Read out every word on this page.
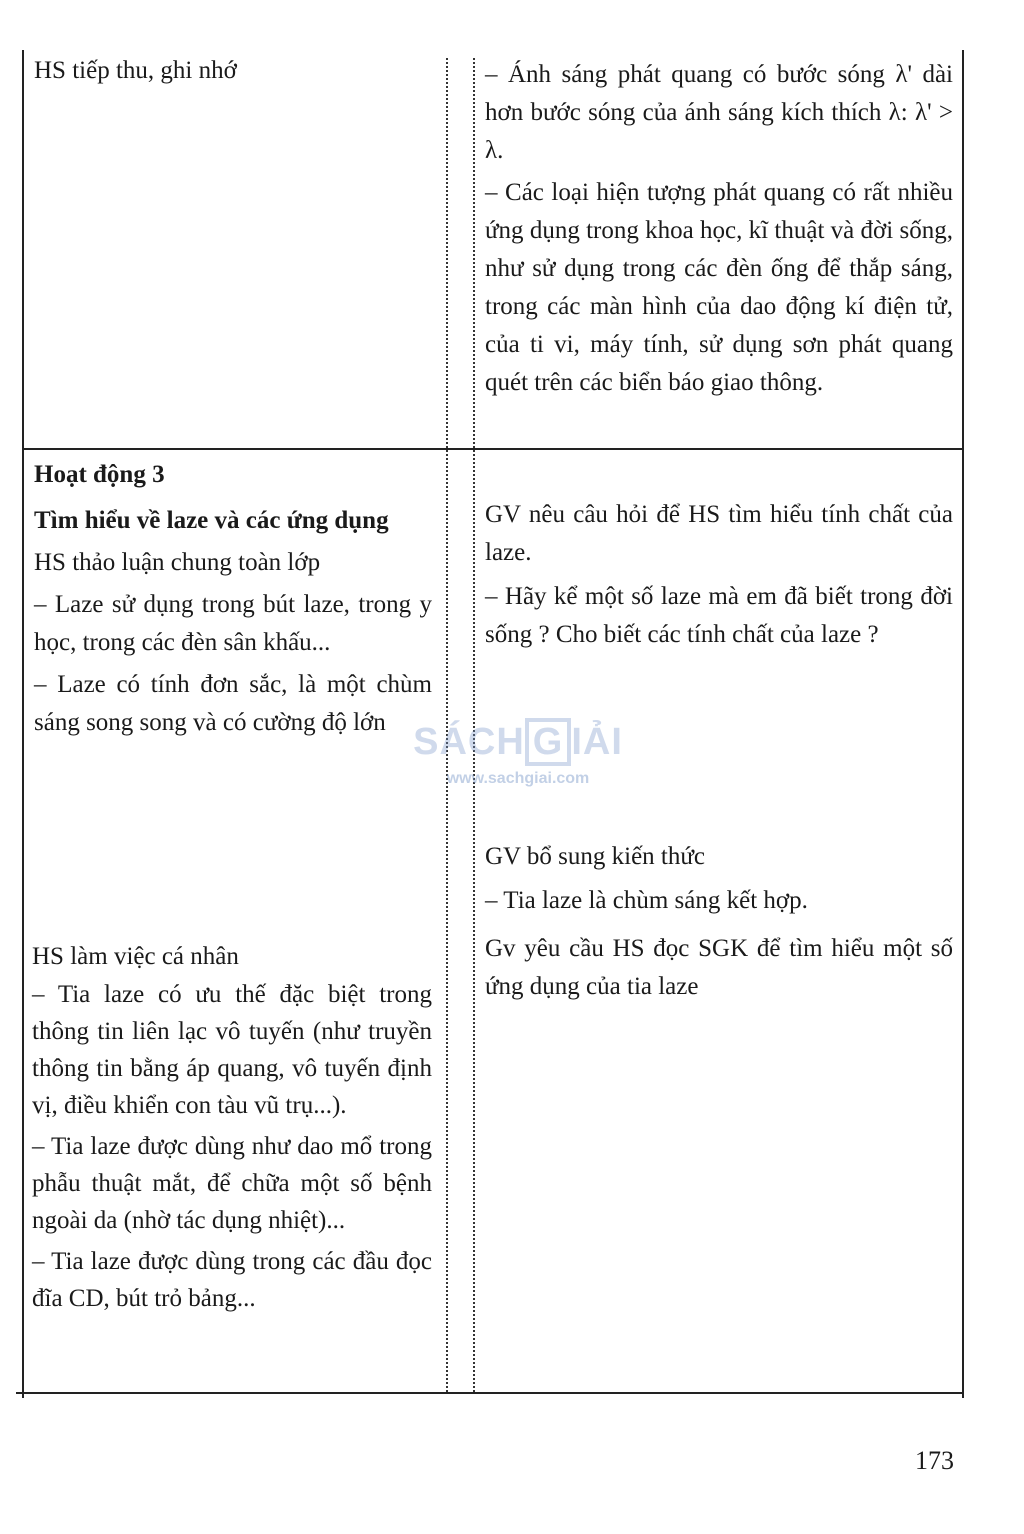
HS tiếp thu, ghi nhớ	– Ánh sáng phát quang có bước sóng λ' dài hơn bước sóng của ánh sáng kích thích λ: λ' > λ.

– Các loại hiện tượng phát quang có rất nhiều ứng dụng trong khoa học, kĩ thuật và đời sống, như sử dụng trong các đèn ống để thắp sáng, trong các màn hình của dao động kí điện tử, của ti vi, máy tính, sử dụng sơn phát quang quét trên các biển báo giao thông.

Hoạt động 3

Tìm hiểu về laze và các ứng dụng

HS thảo luận chung toàn lớp

– Laze sử dụng trong bút laze, trong y học, trong các đèn sân khấu...

– Laze có tính đơn sắc, là một chùm sáng song song và có cường độ lớn

HS làm việc cá nhân

– Tia laze có ưu thế đặc biệt trong thông tin liên lạc vô tuyến (như truyền thông tin bằng áp quang, vô tuyến định vị, điều khiển con tàu vũ trụ...).

– Tia laze được dùng như dao mổ trong phẫu thuật mắt, để chữa một số bệnh ngoài da (nhờ tác dụng nhiệt)...

– Tia laze được dùng trong các đầu đọc đĩa CD, bút trỏ bảng...

GV nêu câu hỏi để HS tìm hiểu tính chất của laze.

– Hãy kể một số laze mà em đã biết trong đời sống ? Cho biết các tính chất của laze ?

GV bổ sung kiến thức

– Tia laze là chùm sáng kết hợp.

Gv yêu cầu HS đọc SGK để tìm hiểu một số ứng dụng của tia laze

SÁCH G IẢI
www.sachgiai.com
173
